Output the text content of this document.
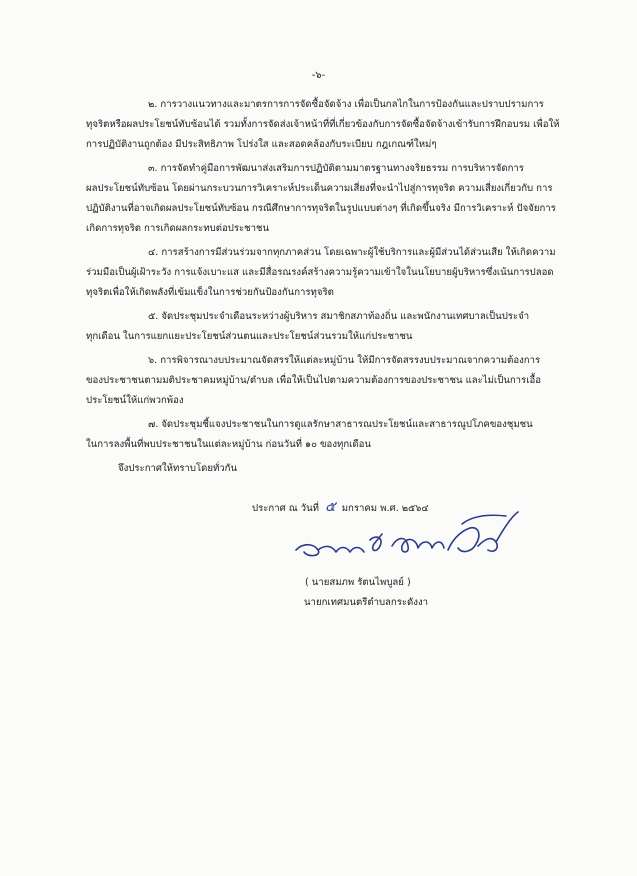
-๖-
๒. การวางแนวทางและมาตรการการจัดซื้อจัดจ้าง เพื่อเป็นกลไกในการป้องกันและปราบปรามการ
ทุจริตหรือผลประโยชน์ทับซ้อนได้ รวมทั้งการจัดส่งเจ้าหน้าที่ที่เกี่ยวข้องกับการจัดซื้อจัดจ้างเข้ารับการฝึกอบรม เพื่อให้
การปฏิบัติงานถูกต้อง มีประสิทธิภาพ โปร่งใส และสอดคล้องกับระเบียบ กฎเกณฑ์ใหม่ๆ
๓. การจัดทำคู่มือการพัฒนาส่งเสริมการปฏิบัติตามมาตรฐานทางจริยธรรม การบริหารจัดการ
ผลประโยชน์ทับซ้อน โดยผ่านกระบวนการวิเคราะห์ประเด็นความเสี่ยงที่จะนำไปสู่การทุจริต ความเสี่ยงเกี่ยวกับ การ
ปฏิบัติงานที่อาจเกิดผลประโยชน์ทับซ้อน กรณีศึกษาการทุจริตในรูปแบบต่างๆ ที่เกิดขึ้นจริง มีการวิเคราะห์ ปัจจัยการ
เกิดการทุจริต การเกิดผลกระทบต่อประชาชน
๔. การสร้างการมีส่วนร่วมจากทุกภาคส่วน โดยเฉพาะผู้ใช้บริการและผู้มีส่วนได้ส่วนเสีย ให้เกิดความ
ร่วมมือเป็นผู้เฝ้าระวัง การแจ้งเบาะแส และมีสื่อรณรงค์สร้างความรู้ความเข้าใจในนโยบายผู้บริหารซึ่งเน้นการปลอด
ทุจริตเพื่อให้เกิดพลังที่เข้มแข็งในการช่วยกันป้องกันการทุจริต
๕. จัดประชุมประจำเดือนระหว่างผู้บริหาร สมาชิกสภาท้องถิ่น และพนักงานเทศบาลเป็นประจำ
ทุกเดือน ในการแยกแยะประโยชน์ส่วนตนและประโยชน์ส่วนรวมให้แก่ประชาชน
๖. การพิจารณางบประมาณจัดสรรให้แต่ละหมู่บ้าน ให้มีการจัดสรรงบประมาณจากความต้องการ
ของประชาชนตามมติประชาคมหมู่บ้าน/ตำบล เพื่อให้เป็นไปตามความต้องการของประชาชน และไม่เป็นการเอื้อ
ประโยชน์ให้แก่พวกพ้อง
๗. จัดประชุมชี้แจงประชาชนในการดูแลรักษาสาธารณประโยชน์และสาธารณูปโภคของชุมชน
ในการลงพื้นที่พบประชาชนในแต่ละหมู่บ้าน ก่อนวันที่ ๑๐ ของทุกเดือน
จึงประกาศให้ทราบโดยทั่วกัน
ประกาศ ณ วันที่ ๕ มกราคม พ.ศ. ๒๕๖๔
( นายสมภพ รัตนไพบูลย์ )
นายกเทศมนตรีตำบลกระดังงา
